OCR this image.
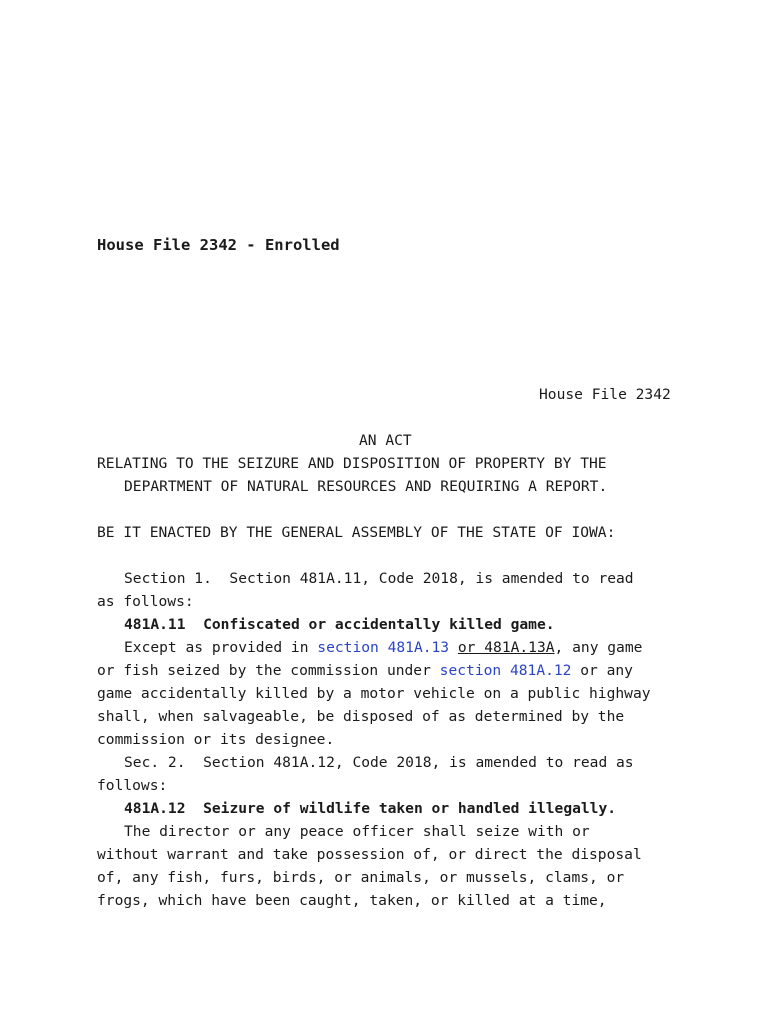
House File 2342 - Enrolled
House File 2342
AN ACT
RELATING TO THE SEIZURE AND DISPOSITION OF PROPERTY BY THE
DEPARTMENT OF NATURAL RESOURCES AND REQUIRING A REPORT.
BE IT ENACTED BY THE GENERAL ASSEMBLY OF THE STATE OF IOWA:
Section 1.  Section 481A.11, Code 2018, is amended to read
as follows:
481A.11 Confiscated or accidentally killed game.
Except as provided in section 481A.13 or 481A.13A, any game
or fish seized by the commission under section 481A.12 or any
game accidentally killed by a motor vehicle on a public highway
shall, when salvageable, be disposed of as determined by the
commission or its designee.
Sec. 2.  Section 481A.12, Code 2018, is amended to read as
follows:
481A.12 Seizure of wildlife taken or handled illegally.
The director or any peace officer shall seize with or
without warrant and take possession of, or direct the disposal
of, any fish, furs, birds, or animals, or mussels, clams, or
frogs, which have been caught, taken, or killed at a time,
